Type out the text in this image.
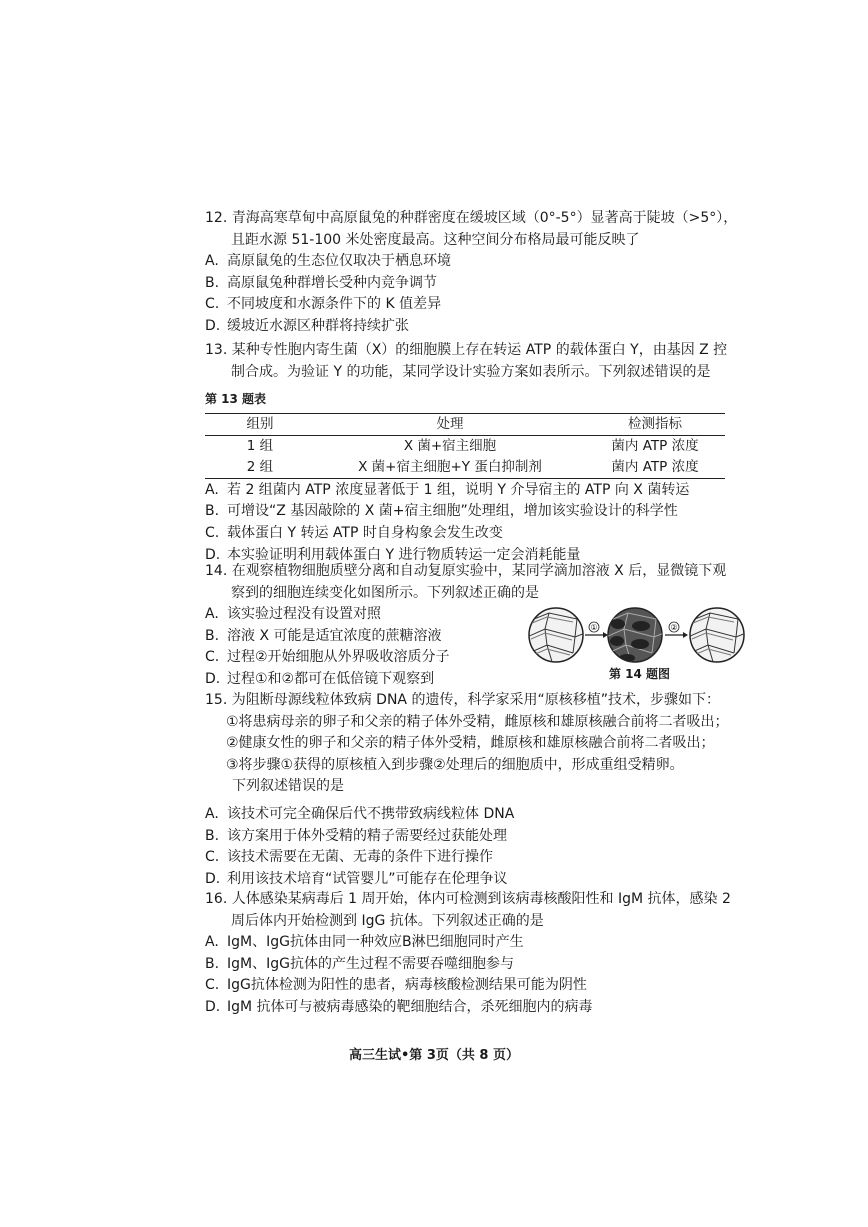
12. 青海高寒草甸中高原鼠兔的种群密度在缓坡区域（0°-5°）显著高于陡坡（>5°），
且距水源 51-100 米处密度最高。这种空间分布格局最可能反映了
A. 高原鼠兔的生态位仅取决于栖息环境
B. 高原鼠兔种群增长受种内竞争调节
C. 不同坡度和水源条件下的 K 值差异
D. 缓坡近水源区种群将持续扩张
13. 某种专性胞内寄生菌（X）的细胞膜上存在转运 ATP 的载体蛋白 Y，由基因 Z 控
制合成。为验证 Y 的功能，某同学设计实验方案如表所示。下列叙述错误的是
第 13 题表
组别	处理	检测指标
1 组	X 菌+宿主细胞	菌内 ATP 浓度
2 组	X 菌+宿主细胞+Y 蛋白抑制剂	菌内 ATP 浓度
A. 若 2 组菌内 ATP 浓度显著低于 1 组，说明 Y 介导宿主的 ATP 向 X 菌转运
B. 可增设“Z 基因敲除的 X 菌+宿主细胞”处理组，增加该实验设计的科学性
C. 载体蛋白 Y 转运 ATP 时自身构象会发生改变
D. 本实验证明利用载体蛋白 Y 进行物质转运一定会消耗能量
14. 在观察植物细胞质壁分离和自动复原实验中，某同学滴加溶液 X 后，显微镜下观
察到的细胞连续变化如图所示。下列叙述正确的是
A. 该实验过程没有设置对照
B. 溶液 X 可能是适宜浓度的蔗糖溶液
C. 过程②开始细胞从外界吸收溶质分子
D. 过程①和②都可在低倍镜下观察到
①	②
第 14 题图
15. 为阻断母源线粒体致病 DNA 的遗传，科学家采用“原核移植”技术，步骤如下：
①将患病母亲的卵子和父亲的精子体外受精，雌原核和雄原核融合前将二者吸出；
②健康女性的卵子和父亲的精子体外受精，雌原核和雄原核融合前将二者吸出；
③将步骤①获得的原核植入到步骤②处理后的细胞质中，形成重组受精卵。
下列叙述错误的是
A. 该技术可完全确保后代不携带致病线粒体 DNA
B. 该方案用于体外受精的精子需要经过获能处理
C. 该技术需要在无菌、无毒的条件下进行操作
D. 利用该技术培育“试管婴儿”可能存在伦理争议
16. 人体感染某病毒后 1 周开始，体内可检测到该病毒核酸阳性和 IgM 抗体，感染 2
周后体内开始检测到 IgG 抗体。下列叙述正确的是
A. IgM、IgG抗体由同一种效应B淋巴细胞同时产生
B. IgM、IgG抗体的产生过程不需要吞噬细胞参与
C. IgG抗体检测为阳性的患者，病毒核酸检测结果可能为阴性
D. IgM 抗体可与被病毒感染的靶细胞结合，杀死细胞内的病毒
高三生试•第 3页（共 8 页）
